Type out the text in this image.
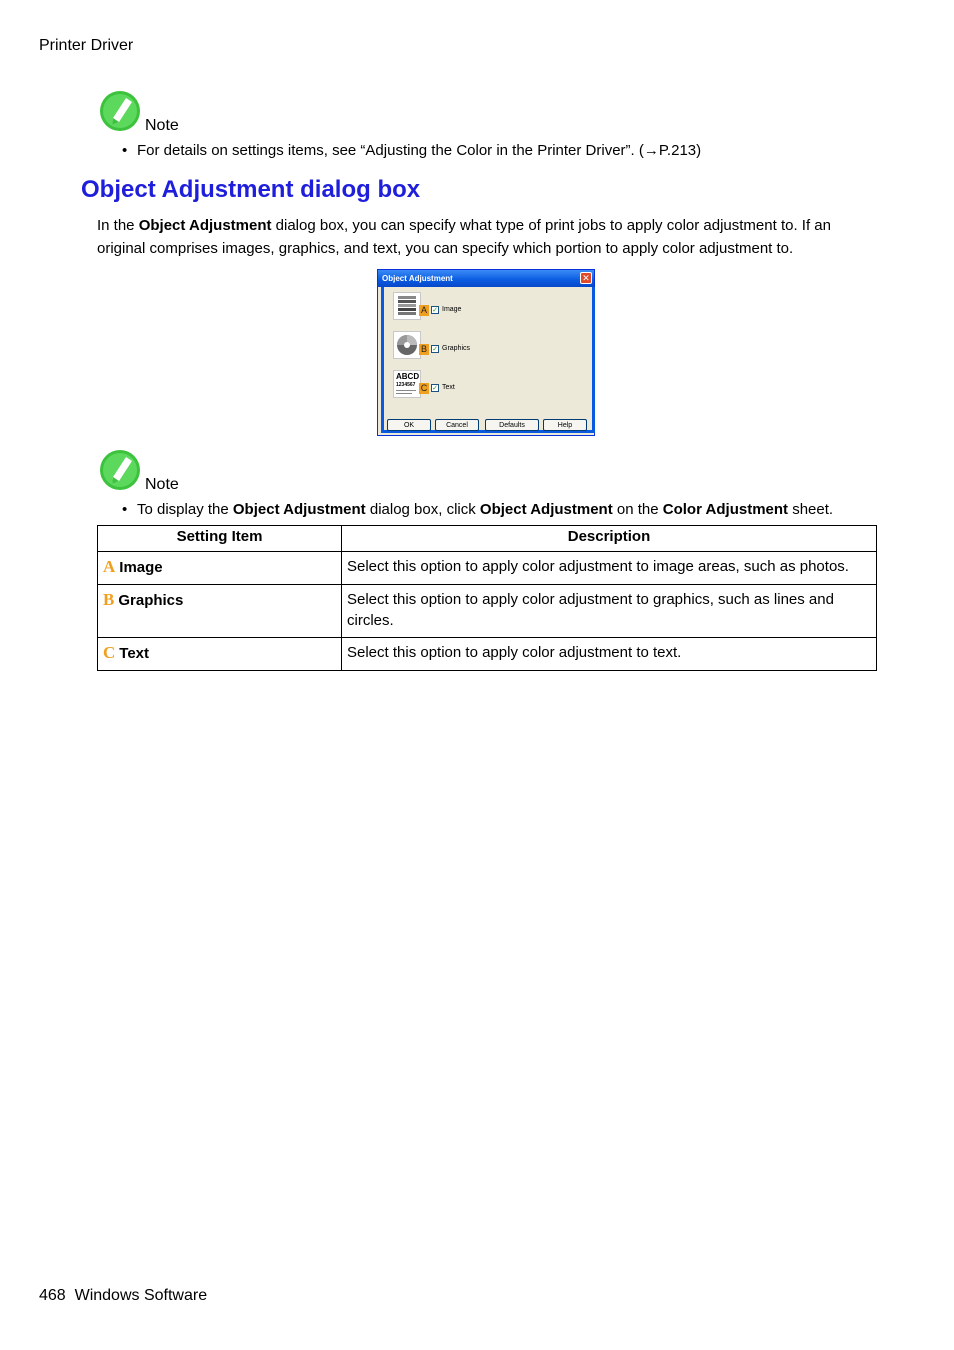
Printer Driver
Note
• For details on settings items, see “Adjusting the Color in the Printer Driver”. (→P.213)
Object Adjustment dialog box
In the Object Adjustment dialog box, you can specify what type of print jobs to apply color adjustment to. If an original comprises images, graphics, and text, you can specify which portion to apply color adjustment to.
Object Adjustment	✕
A ✓ Image
B ✓ Graphics
ABCD
1234567 C ✓ Text
OK	Cancel	Defaults	Help
Note
• To display the Object Adjustment dialog box, click Object Adjustment on the Color Adjustment sheet.
Setting Item	Description
A Image	Select this option to apply color adjustment to image areas, such as photos.
B Graphics	Select this option to apply color adjustment to graphics, such as lines and circles.
C Text	Select this option to apply color adjustment to text.
468 Windows Software
